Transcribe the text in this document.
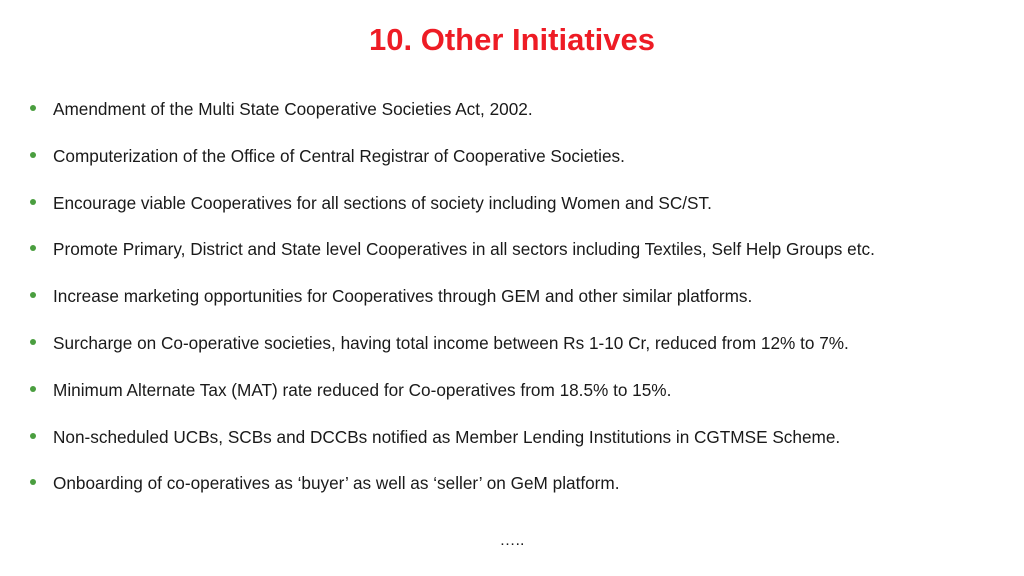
10. Other Initiatives
Amendment of the Multi State Cooperative Societies Act, 2002.
Computerization of the Office of Central Registrar of Cooperative Societies.
Encourage viable Cooperatives for all sections of society including Women and SC/ST.
Promote Primary, District and State level Cooperatives in all sectors including Textiles, Self Help Groups etc.
Increase marketing opportunities for Cooperatives through GEM and other similar platforms.
Surcharge on Co-operative societies, having total income between Rs 1-10 Cr, reduced from 12% to 7%.
Minimum Alternate Tax (MAT) rate reduced for Co-operatives from 18.5% to 15%.
Non-scheduled UCBs, SCBs and DCCBs notified as Member Lending Institutions in CGTMSE Scheme.
Onboarding of co-operatives as ‘buyer’ as well as ‘seller’ on GeM platform.
…..
